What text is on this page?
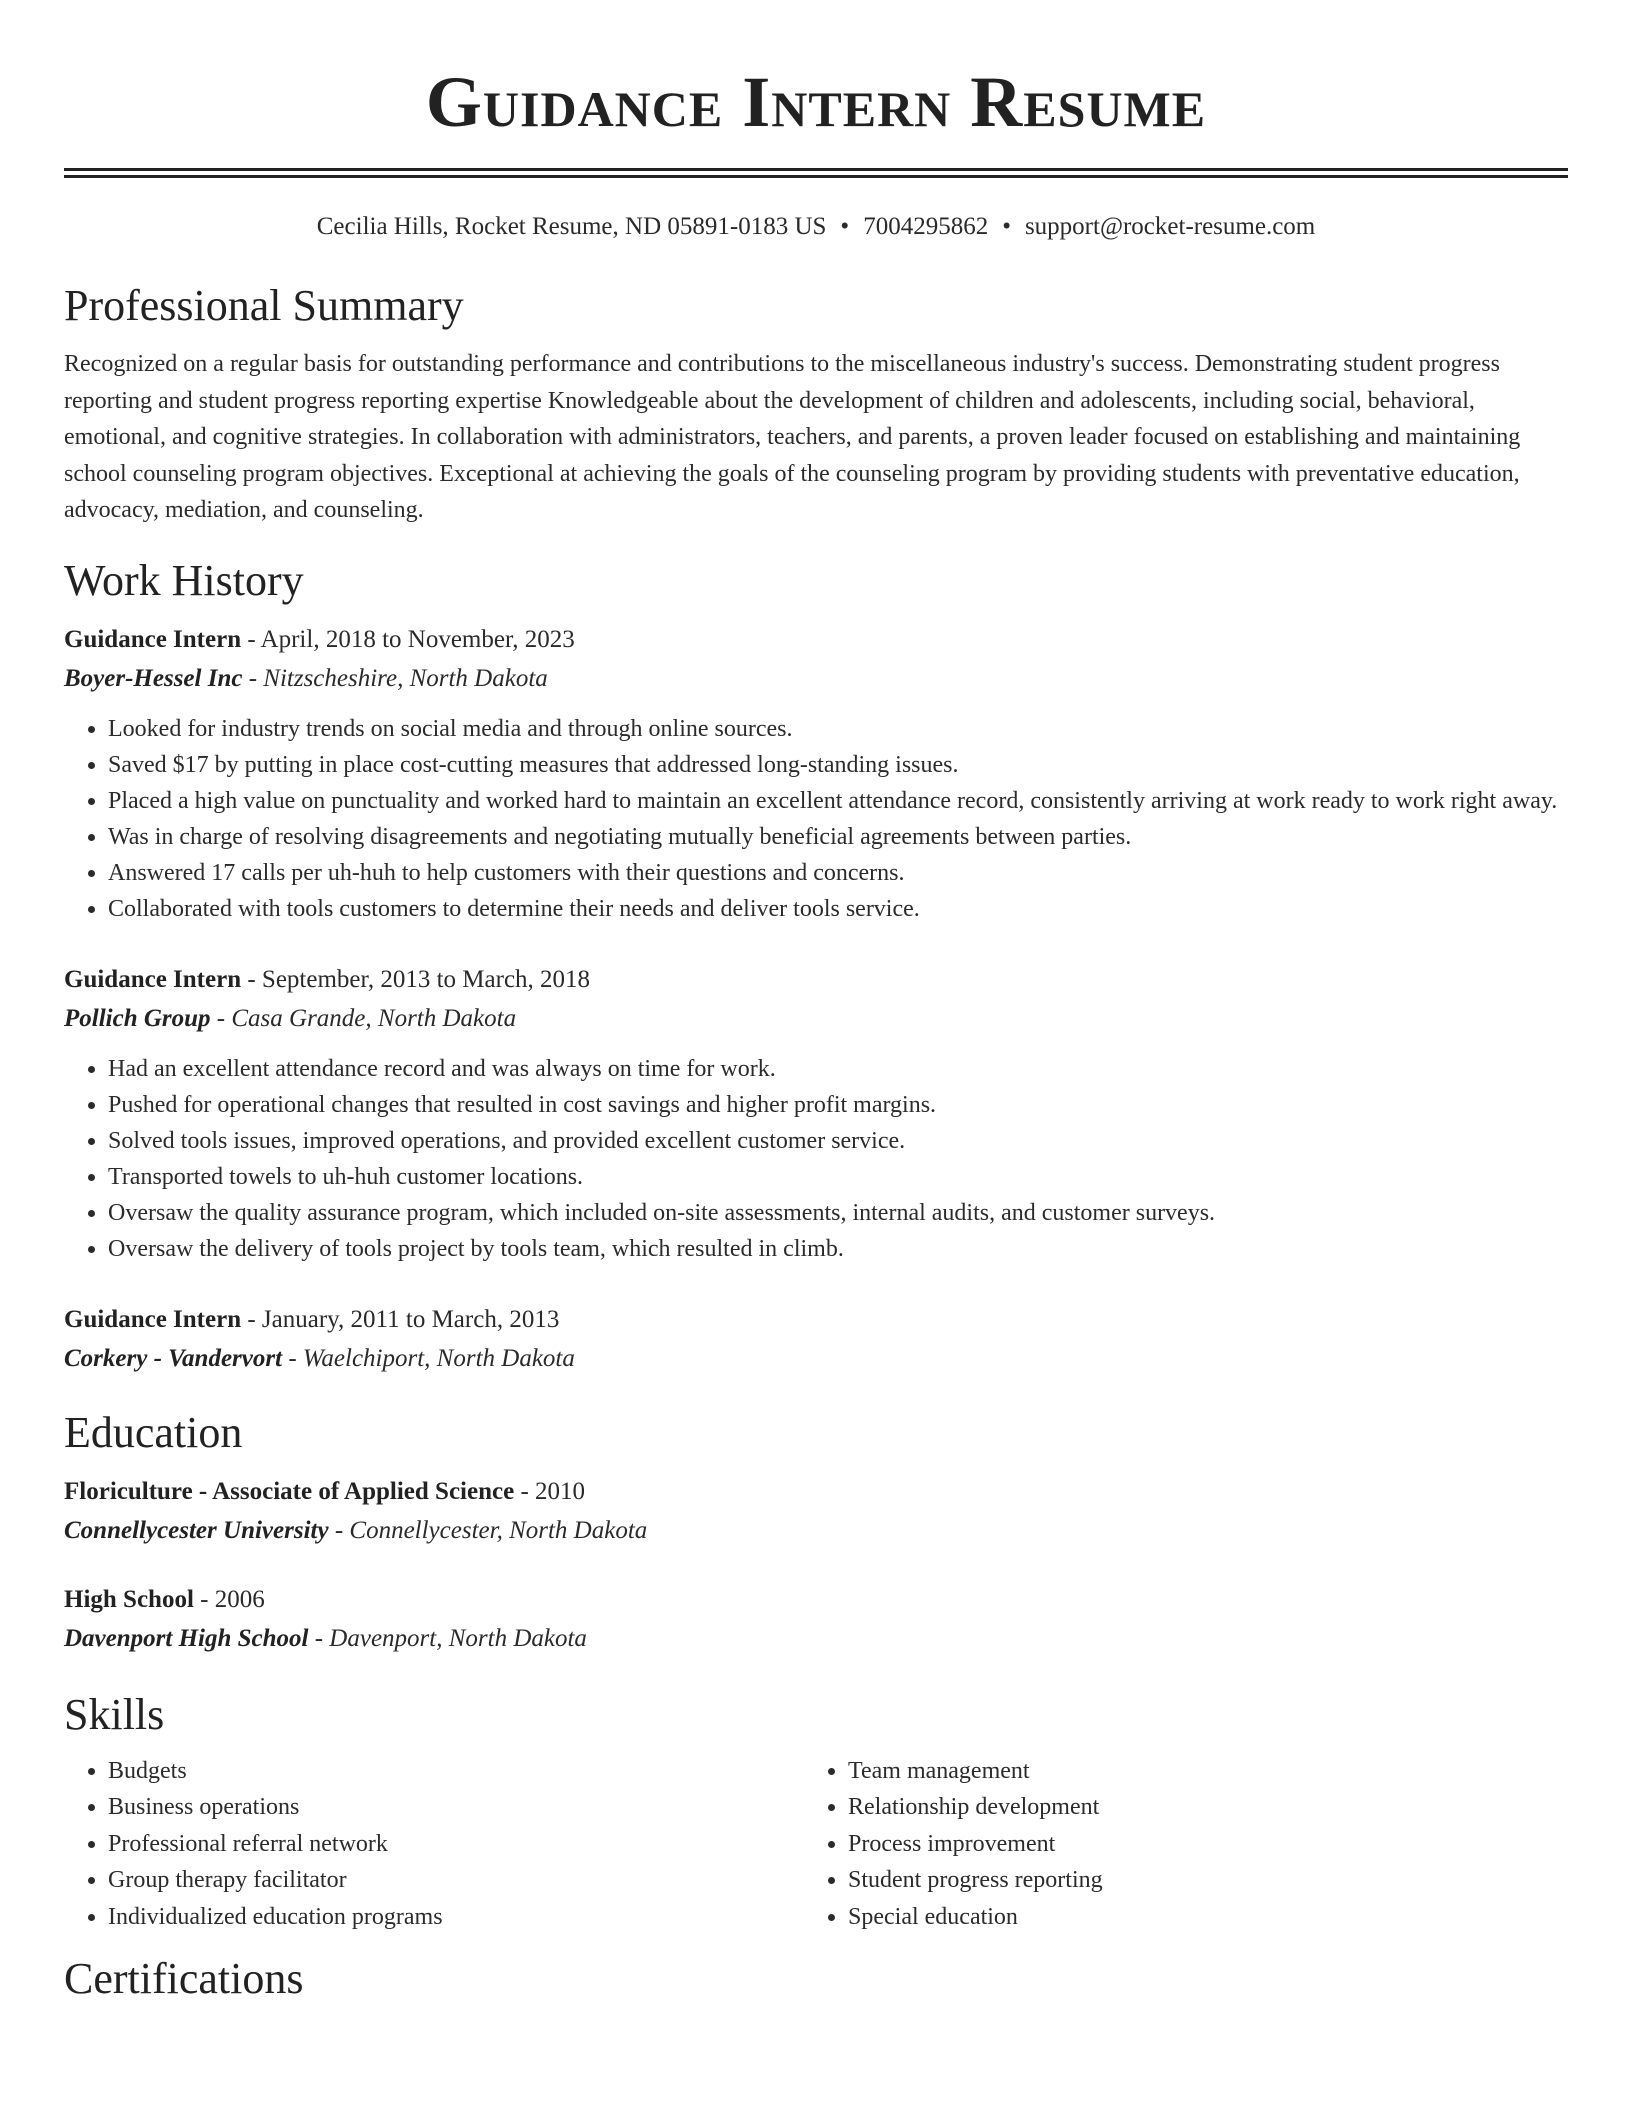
Guidance Intern Resume
Cecilia Hills, Rocket Resume, ND 05891-0183 US • 7004295862 • support@rocket-resume.com
Professional Summary

Recognized on a regular basis for outstanding performance and contributions to the miscellaneous industry's success. Demonstrating student progress reporting and student progress reporting expertise Knowledgeable about the development of children and adolescents, including social, behavioral, emotional, and cognitive strategies. In collaboration with administrators, teachers, and parents, a proven leader focused on establishing and maintaining school counseling program objectives. Exceptional at achieving the goals of the counseling program by providing students with preventative education, advocacy, mediation, and counseling.

Work History
Guidance Intern - April, 2018 to November, 2023
Boyer-Hessel Inc - Nitzscheshire, North Dakota
• Looked for industry trends on social media and through online sources.
• Saved $17 by putting in place cost-cutting measures that addressed long-standing issues.
• Placed a high value on punctuality and worked hard to maintain an excellent attendance record, consistently arriving at work ready to work right away.
• Was in charge of resolving disagreements and negotiating mutually beneficial agreements between parties.
• Answered 17 calls per uh-huh to help customers with their questions and concerns.
• Collaborated with tools customers to determine their needs and deliver tools service.
Guidance Intern - September, 2013 to March, 2018
Pollich Group - Casa Grande, North Dakota
• Had an excellent attendance record and was always on time for work.
• Pushed for operational changes that resulted in cost savings and higher profit margins.
• Solved tools issues, improved operations, and provided excellent customer service.
• Transported towels to uh-huh customer locations.
• Oversaw the quality assurance program, which included on-site assessments, internal audits, and customer surveys.
• Oversaw the delivery of tools project by tools team, which resulted in climb.
Guidance Intern - January, 2011 to March, 2013
Corkery - Vandervort - Waelchiport, North Dakota
Education
Floriculture - Associate of Applied Science - 2010
Connellycester University - Connellycester, North Dakota
High School - 2006
Davenport High School - Davenport, North Dakota
Skills
• Budgets
• Business operations
• Professional referral network
• Group therapy facilitator
• Individualized education programs
• Team management
• Relationship development
• Process improvement
• Student progress reporting
• Special education
Certifications
